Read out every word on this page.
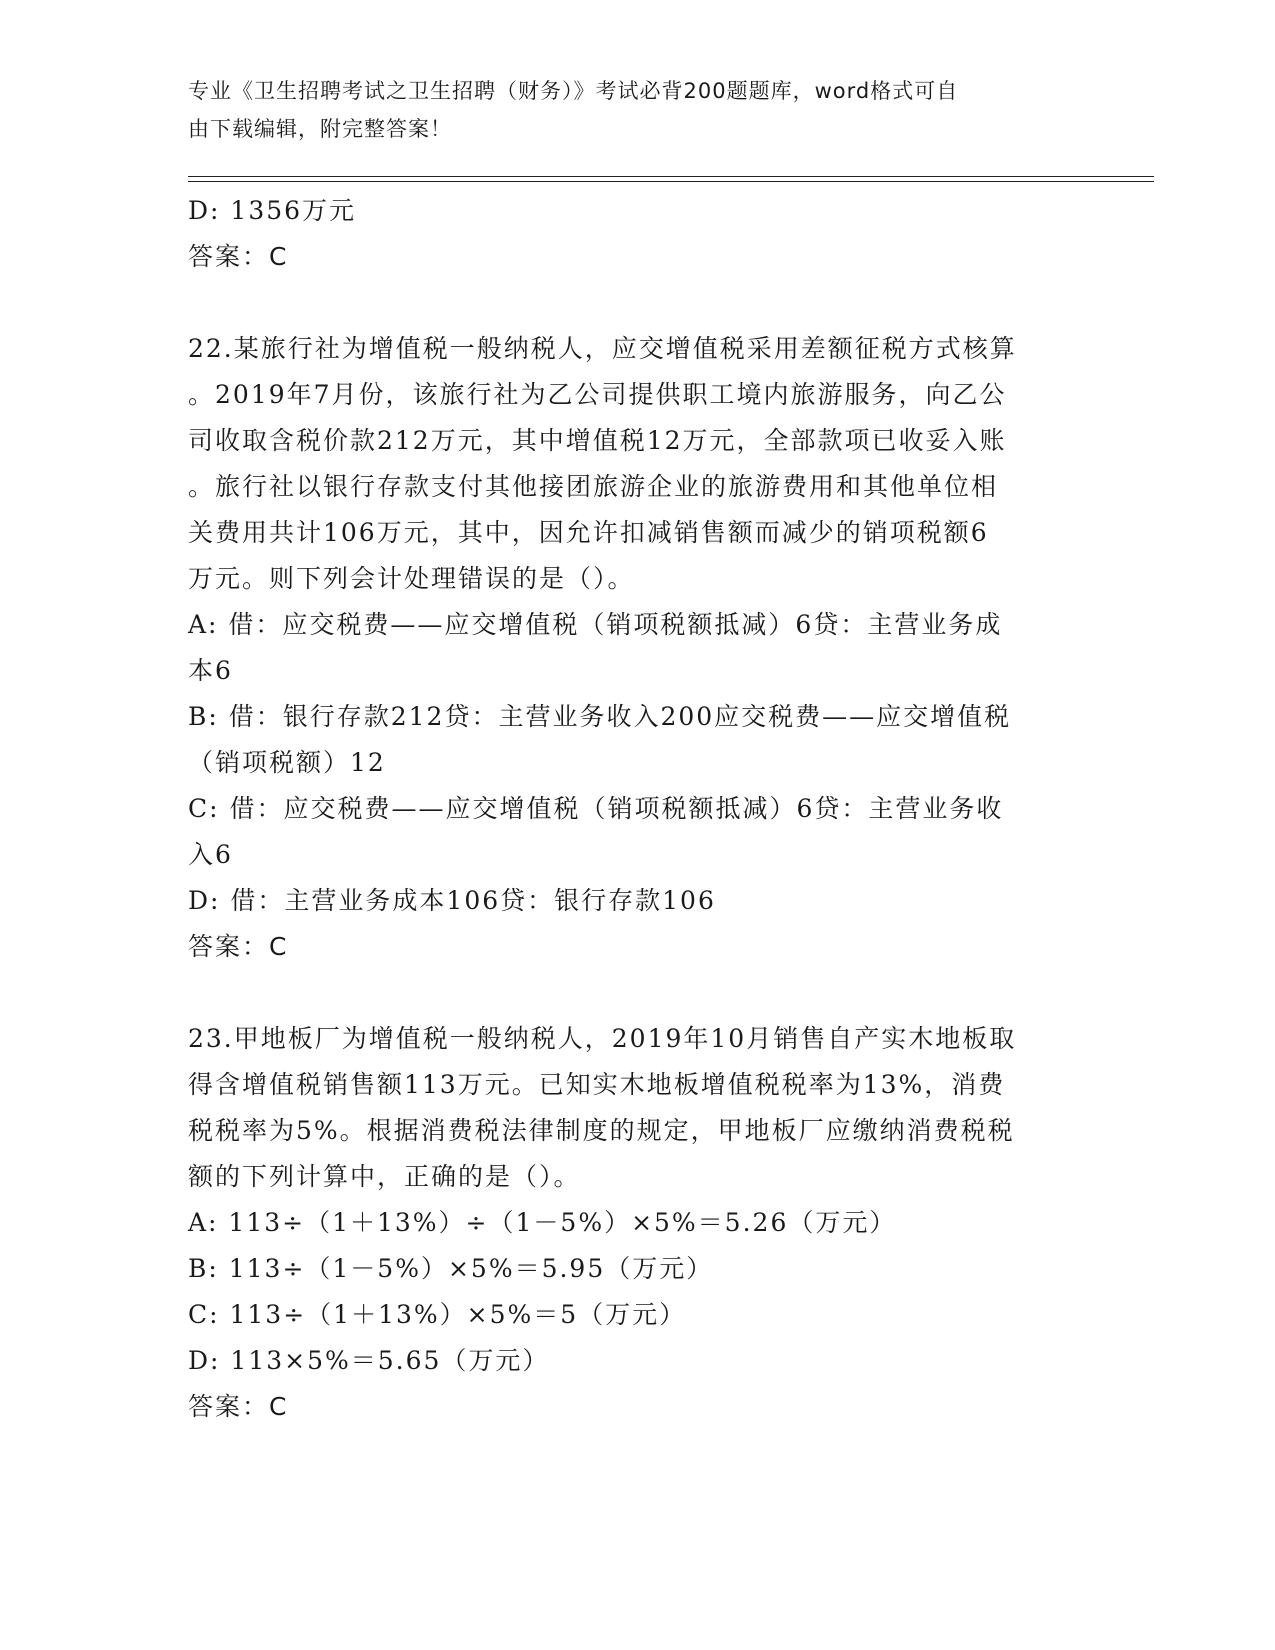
专业《卫生招聘考试之卫生招聘（财务）》考试必背200题题库，word格式可自
由下载编辑，附完整答案！
D: 1356万元
答案：C
22.某旅行社为增值税一般纳税人，应交增值税采用差额征税方式核算
。2019年7月份，该旅行社为乙公司提供职工境内旅游服务，向乙公
司收取含税价款212万元，其中增值税12万元，全部款项已收妥入账
。旅行社以银行存款支付其他接团旅游企业的旅游费用和其他单位相
关费用共计106万元，其中，因允许扣减销售额而减少的销项税额6
万元。则下列会计处理错误的是（）。
A: 借：应交税费——应交增值税（销项税额抵减）6贷：主营业务成
本6
B: 借：银行存款212贷：主营业务收入200应交税费——应交增值税
（销项税额）12
C: 借：应交税费——应交增值税（销项税额抵减）6贷：主营业务收
入6
D: 借：主营业务成本106贷：银行存款106
答案：C
23.甲地板厂为增值税一般纳税人，2019年10月销售自产实木地板取
得含增值税销售额113万元。已知实木地板增值税税率为13%，消费
税税率为5%。根据消费税法律制度的规定，甲地板厂应缴纳消费税税
额的下列计算中，正确的是（）。
A: 113÷（1＋13%）÷（1－5%）×5%＝5.26（万元）
B: 113÷（1－5%）×5%＝5.95（万元）
C: 113÷（1＋13%）×5%＝5（万元）
D: 113×5%＝5.65（万元）
答案：C
